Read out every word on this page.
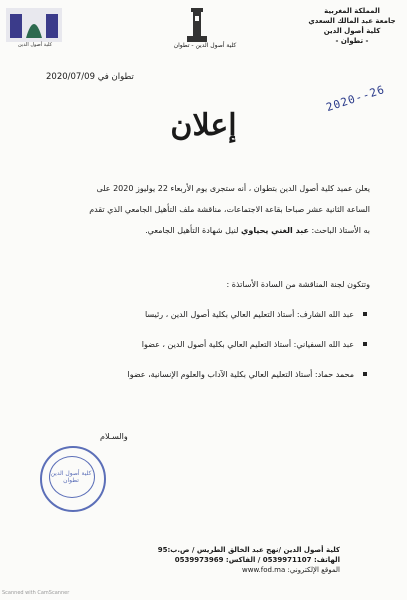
المملكة المغربية
جامعة عبد المالك السعدي
كلية أصول الدين
- تطوان -
كلية أصول الدين - تطوان
كلية أصول الدين
تطوان في 2020/07/09
2020--26
إعلان
يعلن عميد كلية أصول الدين بتطوان ، أنه ستجرى يوم الأربعاء 22 يوليوز 2020 على
الساعة الثانية عشر صباحا بقاعة الاجتماعات، مناقشة ملف التأهيل الجامعي الذي تقدم
به الأستاذ الباحث: عبد الغني يحياوي لنيل شهادة التأهيل الجامعي.
وتتكون لجنة المناقشة من السادة الأساتذة :
عبد الله الشارف: أستاذ التعليم العالي بكلية أصول الدين ، رئيسا
عبد الله السفياني: أستاذ التعليم العالي بكلية أصول الدين ، عضوا
محمد حماد: أستاذ التعليم العالي بكلية الآداب والعلوم الإنسانية، عضوا
والسـلام
كلية أصول الدين تطوان
كلية أصول الدين /نهج عبد الخالق الطريس / ص.ب:95
الهاتف: 0539971107 / الفاكس: 0539973969
الموقع الإلكتروني: www.fod.ma
Scanned with CamScanner
